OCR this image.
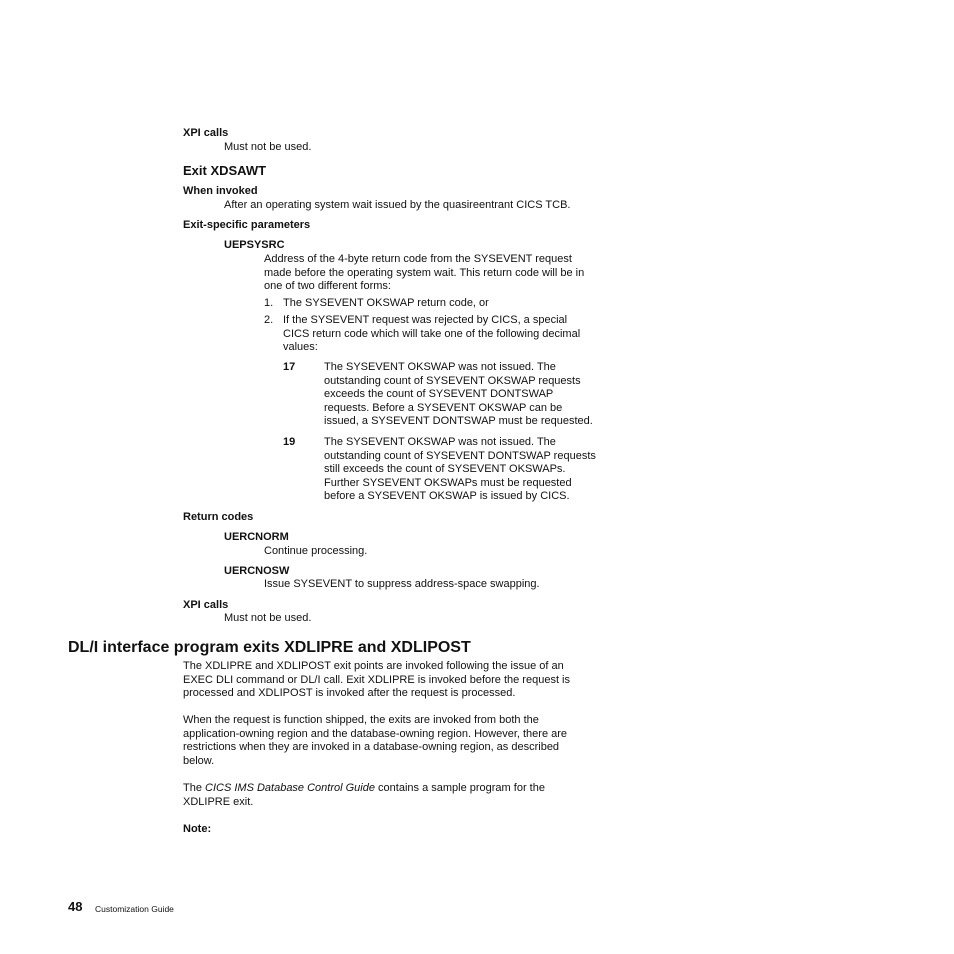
XPI calls
Must not be used.
Exit XDSAWT
When invoked
After an operating system wait issued by the quasireentrant CICS TCB.
Exit-specific parameters
UEPSYSRC
Address of the 4-byte return code from the SYSEVENT request
made before the operating system wait. This return code will be in
one of two different forms:
1. The SYSEVENT OKSWAP return code, or
2. If the SYSEVENT request was rejected by CICS, a special
CICS return code which will take one of the following decimal
values:
17	The SYSEVENT OKSWAP was not issued. The
outstanding count of SYSEVENT OKSWAP requests
exceeds the count of SYSEVENT DONTSWAP
requests. Before a SYSEVENT OKSWAP can be
issued, a SYSEVENT DONTSWAP must be requested.
19	The SYSEVENT OKSWAP was not issued. The
outstanding count of SYSEVENT DONTSWAP requests
still exceeds the count of SYSEVENT OKSWAPs.
Further SYSEVENT OKSWAPs must be requested
before a SYSEVENT OKSWAP is issued by CICS.
Return codes
UERCNORM
Continue processing.
UERCNOSW
Issue SYSEVENT to suppress address-space swapping.
XPI calls
Must not be used.
DL/I interface program exits XDLIPRE and XDLIPOST
The XDLIPRE and XDLIPOST exit points are invoked following the issue of an
EXEC DLI command or DL/I call. Exit XDLIPRE is invoked before the request is
processed and XDLIPOST is invoked after the request is processed.
When the request is function shipped, the exits are invoked from both the
application-owning region and the database-owning region. However, there are
restrictions when they are invoked in a database-owning region, as described
below.
The CICS IMS Database Control Guide contains a sample program for the
XDLIPRE exit.
Note:
48 Customization Guide
